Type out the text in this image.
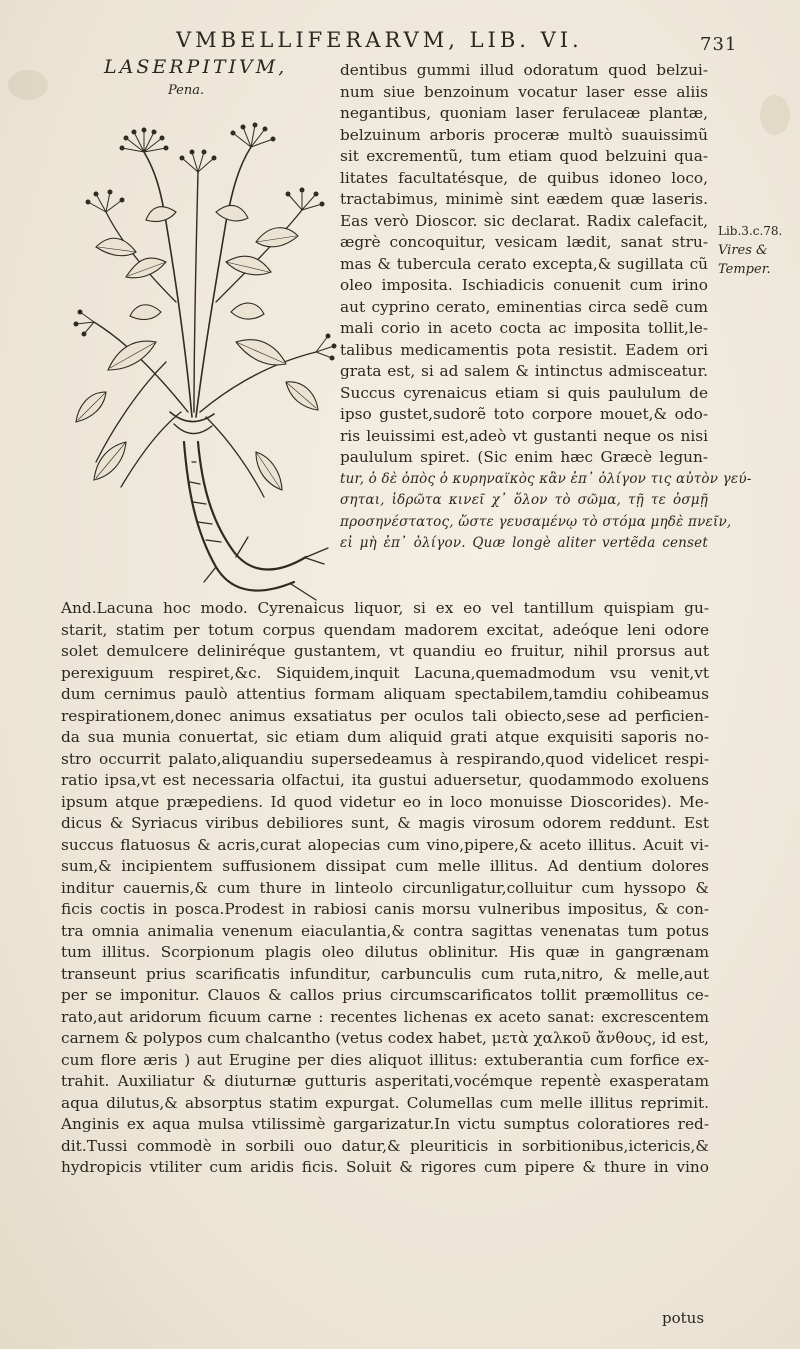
VMBELLIFERARVM, LIB. VI.	731
LASERPITIVM,
Pena.
dentibus gummi illud odoratum quod belzui-
num siue benzoinum vocatur laser esse aliis
negantibus, quoniam laser ferulaceæ plantæ,
belzuinum arboris proceræ multò suauissimũ
sit excrementũ, tum etiam quod belzuini qua-
litates facultatésque, de quibus idoneo loco,
tractabimus, minimè sint eædem quæ laseris.
Eas verò Dioscor. sic declarat. Radix calefacit,
ægrè concoquitur, vesicam lædit, sanat stru-
mas & tubercula cerato excepta,& sugillata cũ
oleo imposita. Ischiadicis conuenit cum irino
aut cyprino cerato, eminentias circa sedẽ cum
mali corio in aceto cocta ac imposita tollit,le-
talibus medicamentis pota resistit. Eadem ori
grata est, si ad salem & intinctus admisceatur.
Succus cyrenaicus etiam si quis paululum de
ipso gustet,sudorẽ toto corpore mouet,& odo-
ris leuissimi est,adeò vt gustanti neque os nisi
paululum spiret. (Sic enim hæc Græcè legun-
tur, ὁ δὲ ὀπὸς ὁ κυρηναϊκὸς κἂν ἐπ᾽ ὀλίγον τις αὐτὸν γεύ-
σηται, ἱδρῶτα κινεῖ χ᾽ ὅλον τὸ σῶμα, τῇ τε ὀσμῇ
προσηνέστατος, ὥστε γευσαμένῳ τὸ στόμα μηδὲ πνεῖν,
εἰ μὴ ἐπ᾽ ὀλίγον. Quæ longè aliter vertẽda censet
Lib.3.c.78.
Vires &
Temper.
And.Lacuna hoc modo. Cyrenaicus liquor, si ex eo vel tantillum quispiam gu-
starit, statim per totum corpus quendam madorem excitat, adeóque leni odore
solet demulcere deliniréque gustantem, vt quandiu eo fruitur, nihil prorsus aut
perexiguum respiret,&c. Siquidem,inquit Lacuna,quemadmodum vsu venit,vt
dum cernimus paulò attentius formam aliquam spectabilem,tamdiu cohibeamus
respirationem,donec animus exsatiatus per oculos tali obiecto,sese ad perficien-
da sua munia conuertat, sic etiam dum aliquid grati atque exquisiti saporis no-
stro occurrit palato,aliquandiu supersedeamus à respirando,quod videlicet respi-
ratio ipsa,vt est necessaria olfactui, ita gustui aduersetur, quodammodo exoluens
ipsum atque præpediens. Id quod videtur eo in loco monuisse Dioscorides). Me-
dicus & Syriacus viribus debiliores sunt, & magis virosum odorem reddunt. Est
succus flatuosus & acris,curat alopecias cum vino,pipere,& aceto illitus. Acuit vi-
sum,& incipientem suffusionem dissipat cum melle illitus. Ad dentium dolores
inditur cauernis,& cum thure in linteolo circunligatur,colluitur cum hyssopo &
ficis coctis in posca.Prodest in rabiosi canis morsu vulneribus impositus, & con-
tra omnia animalia venenum eiaculantia,& contra sagittas venenatas tum potus
tum illitus. Scorpionum plagis oleo dilutus oblinitur. His quæ in gangrænam
transeunt prius scarificatis infunditur, carbunculis cum ruta,nitro, & melle,aut
per se imponitur. Clauos & callos prius circumscarificatos tollit præmollitus ce-
rato,aut aridorum ficuum carne : recentes lichenas ex aceto sanat: excrescentem
carnem & polypos cum chalcantho (vetus codex habet, μετὰ χαλκοῦ ἄνθους, id est,
cum flore æris ) aut Erugine per dies aliquot illitus: extuberantia cum forfice ex-
trahit. Auxiliatur & diuturnæ gutturis asperitati,vocémque repentè exasperatam
aqua dilutus,& absorptus statim expurgat. Columellas cum melle illitus reprimit.
Anginis ex aqua mulsa vtilissimè gargarizatur.In victu sumptus coloratiores red-
dit.Tussi commodè in sorbili ouo datur,& pleuriticis in sorbitionibus,ictericis,&
hydropicis vtiliter cum aridis ficis. Soluit & rigores cum pipere & thure in vino
potus
